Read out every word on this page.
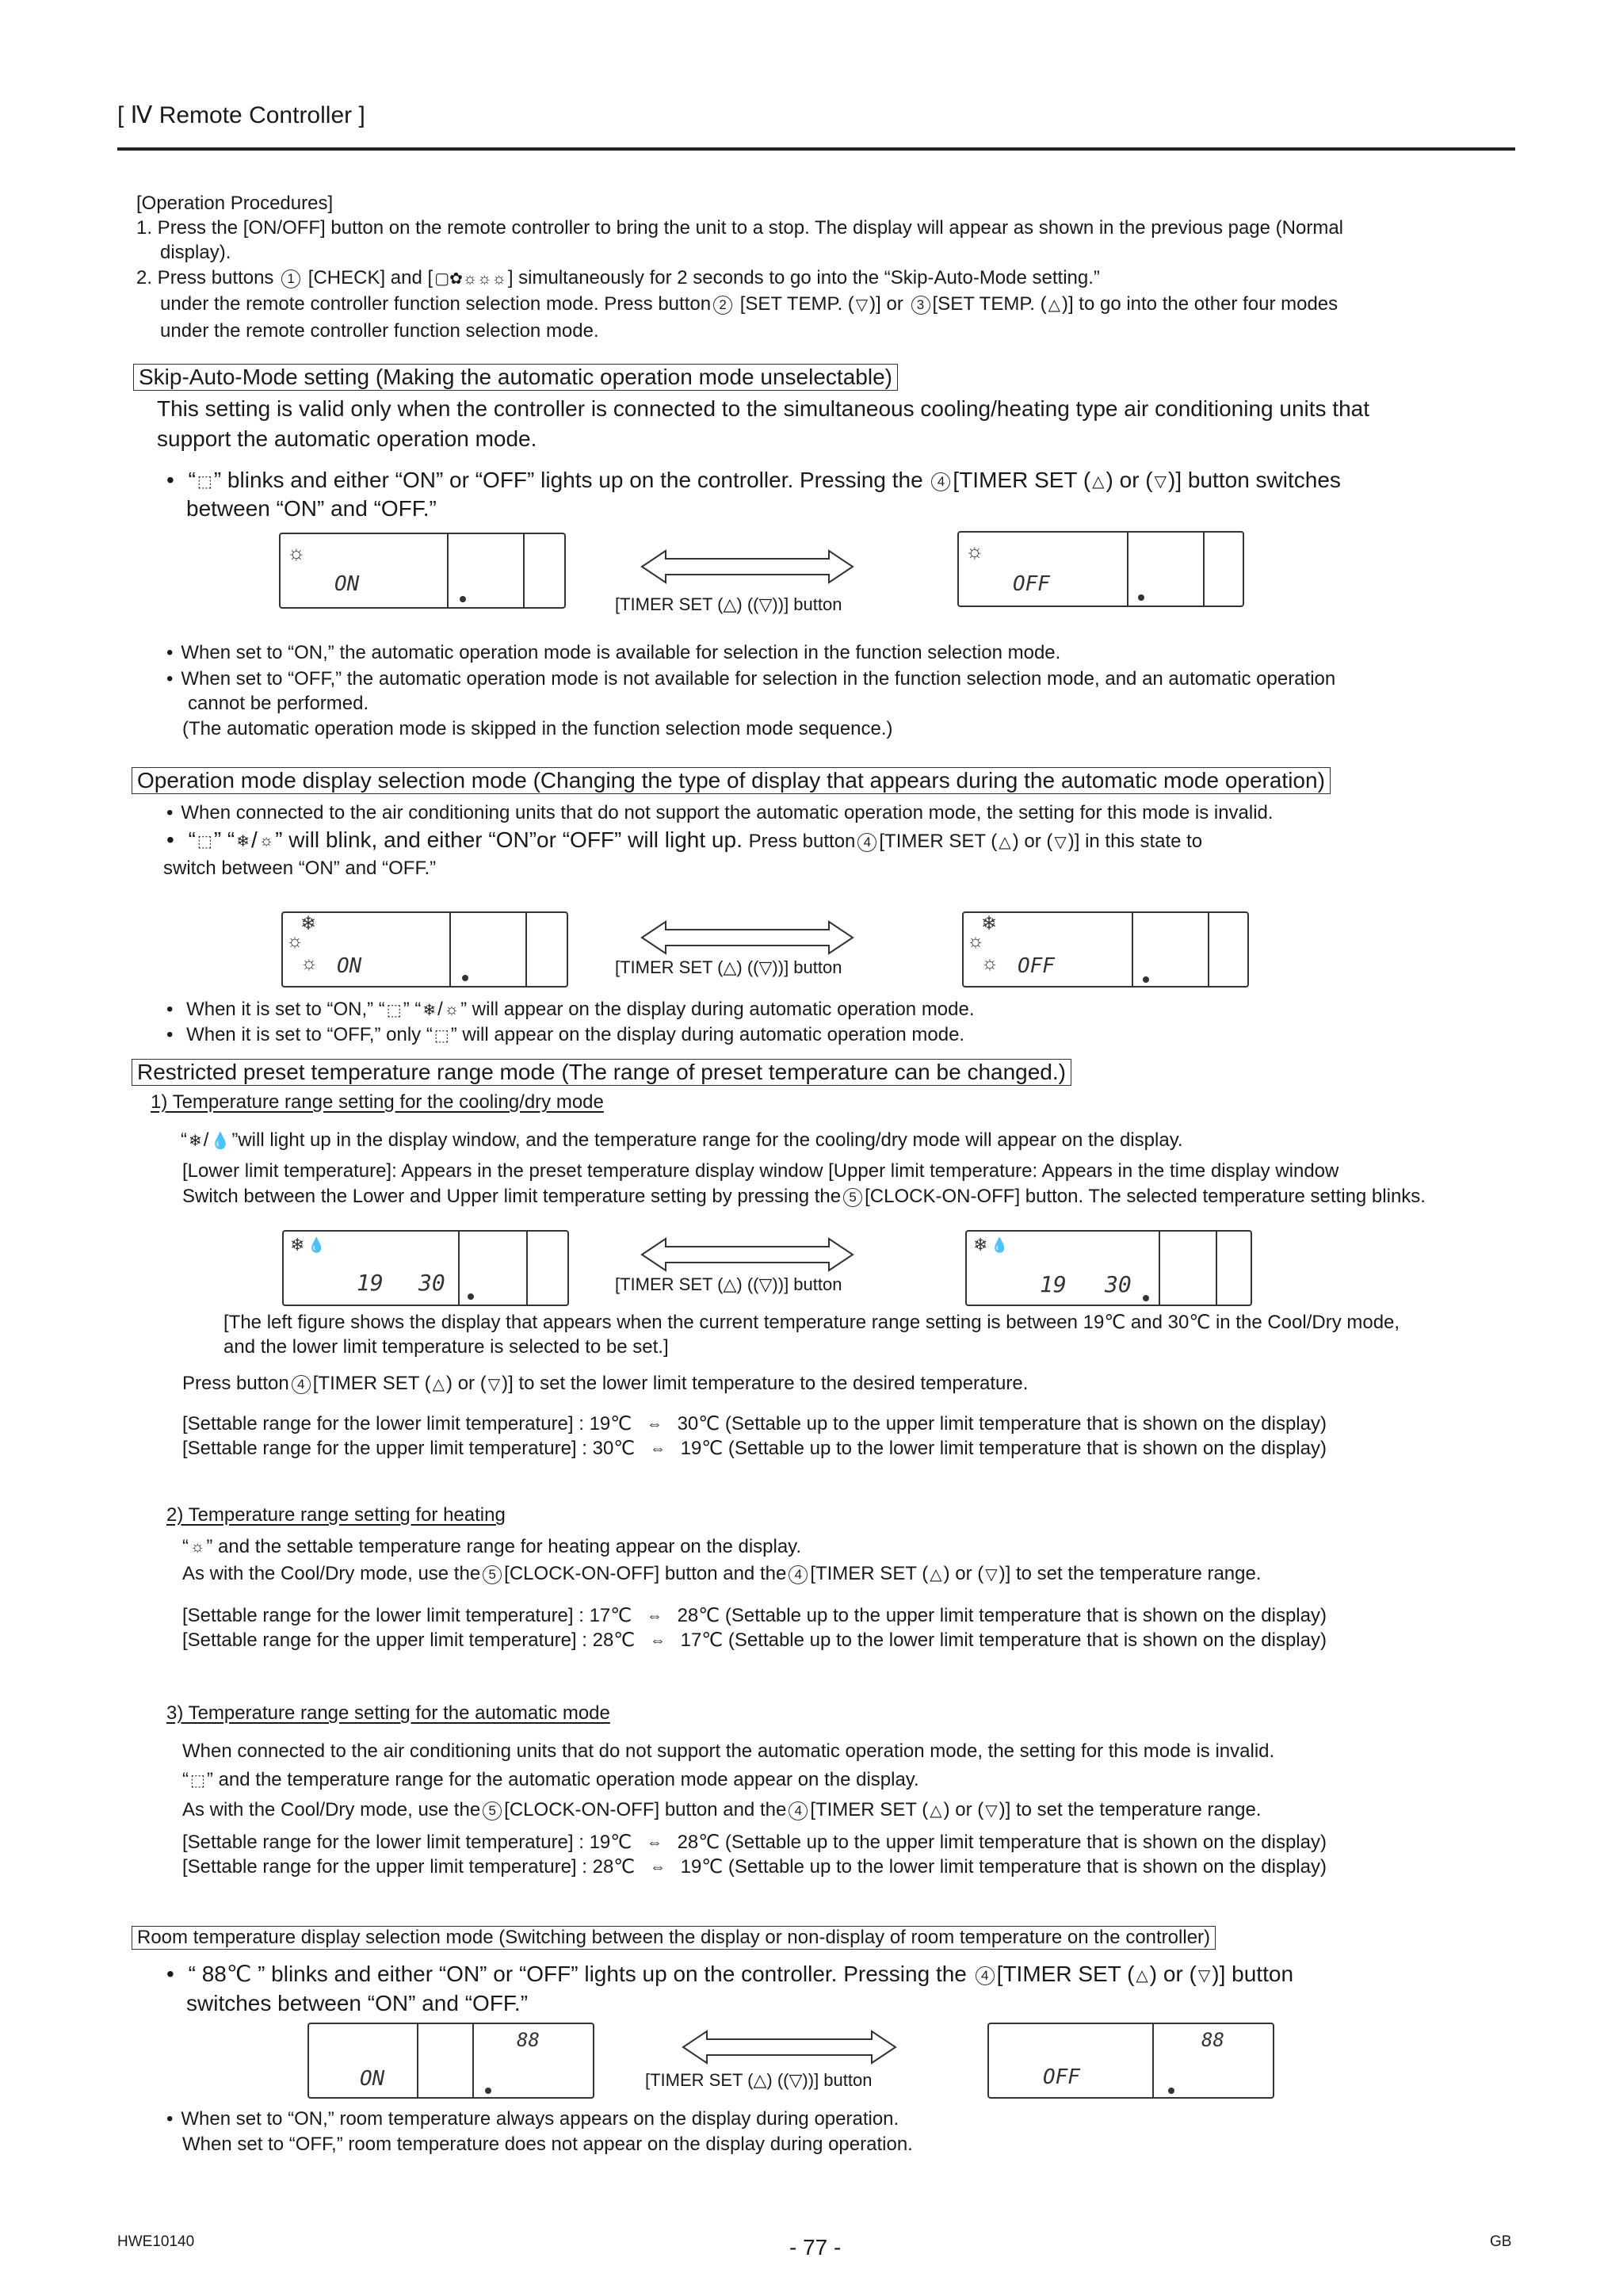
[ Ⅳ Remote Controller ]
[Operation Procedures]
1. Press the [ON/OFF] button on the remote controller to bring the unit to a stop. The display will appear as shown in the previous page (Normal
display).
2. Press buttons 1 [CHECK] and [ ▢✿☼☼☼] simultaneously for 2 seconds to go into the “Skip-Auto-Mode setting.”
under the remote controller function selection mode. Press button 2 [SET TEMP. ( ▽)] or 3 [SET TEMP. ( △)] to go into the other four modes
under the remote controller function selection mode.
Skip-Auto-Mode setting (Making the automatic operation mode unselectable)
This setting is valid only when the controller is connected to the simultaneous cooling/heating type air conditioning units that
support the automatic operation mode.
• “ ⬚” blinks and either “ON” or “OFF” lights up on the controller. Pressing the 4 [TIMER SET ( △) or ( ▽)] button switches
between “ON” and “OFF.”
☼
ON
[TIMER SET (△) ((▽))] button
☼
OFF
• When set to “ON,” the automatic operation mode is available for selection in the function selection mode.
• When set to “OFF,” the automatic operation mode is not available for selection in the function selection mode, and an automatic operation
cannot be performed.
(The automatic operation mode is skipped in the function selection mode sequence.)
Operation mode display selection mode (Changing the type of display that appears during the automatic mode operation)
• When connected to the air conditioning units that do not support the automatic operation mode, the setting for this mode is invalid.
• “ ⬚” “ ❄/ ☼” will blink, and either “ON”or “OFF” will light up. Press button 4 [TIMER SET ( △) or ( ▽)] in this state to
switch between “ON” and “OFF.”
❄
☼
☼ ON	[TIMER SET (△) ((▽))] button
❄
☼
☼ OFF
• When it is set to “ON,” “ ⬚” “ ❄/ ☼” will appear on the display during automatic operation mode.
• When it is set to “OFF,” only “ ⬚” will appear on the display during automatic operation mode.
Restricted preset temperature range mode (The range of preset temperature can be changed.)
1) Temperature range setting for the cooling/dry mode
“ ❄/ 💧”will light up in the display window, and the temperature range for the cooling/dry mode will appear on the display.
[Lower limit temperature]: Appears in the preset temperature display window [Upper limit temperature: Appears in the time display window
Switch between the Lower and Upper limit temperature setting by pressing the 5 [CLOCK-ON-OFF] button. The selected temperature setting blinks.
❄ 💧
19 30	[TIMER SET (△) ((▽))] button
❄ 💧
19 30
[The left figure shows the display that appears when the current temperature range setting is between 19℃ and 30℃ in the Cool/Dry mode,
and the lower limit temperature is selected to be set.]
Press button 4 [TIMER SET ( △) or ( ▽)] to set the lower limit temperature to the desired temperature.
[Settable range for the lower limit temperature] : 19℃ ⇔ 30℃ (Settable up to the upper limit temperature that is shown on the display)
[Settable range for the upper limit temperature] : 30℃ ⇔ 19℃ (Settable up to the lower limit temperature that is shown on the display)
2) Temperature range setting for heating
“ ☼” and the settable temperature range for heating appear on the display.
As with the Cool/Dry mode, use the 5 [CLOCK-ON-OFF] button and the 4 [TIMER SET ( △) or ( ▽)] to set the temperature range.
[Settable range for the lower limit temperature] : 17℃ ⇔ 28℃ (Settable up to the upper limit temperature that is shown on the display)
[Settable range for the upper limit temperature] : 28℃ ⇔ 17℃ (Settable up to the lower limit temperature that is shown on the display)
3) Temperature range setting for the automatic mode
When connected to the air conditioning units that do not support the automatic operation mode, the setting for this mode is invalid.
“ ⬚” and the temperature range for the automatic operation mode appear on the display.
As with the Cool/Dry mode, use the 5 [CLOCK-ON-OFF] button and the 4 [TIMER SET ( △) or ( ▽)] to set the temperature range.
[Settable range for the lower limit temperature] : 19℃ ⇔ 28℃ (Settable up to the upper limit temperature that is shown on the display)
[Settable range for the upper limit temperature] : 28℃ ⇔ 19℃ (Settable up to the lower limit temperature that is shown on the display)
Room temperature display selection mode (Switching between the display or non-display of room temperature on the controller)
• “ 88℃ ” blinks and either “ON” or “OFF” lights up on the controller. Pressing the 4 [TIMER SET ( △) or ( ▽)] button
switches between “ON” and “OFF.”
ON
88
[TIMER SET (△) ((▽))] button	OFF
88
• When set to “ON,” room temperature always appears on the display during operation.
When set to “OFF,” room temperature does not appear on the display during operation.
HWE10140	- 77 -	GB
